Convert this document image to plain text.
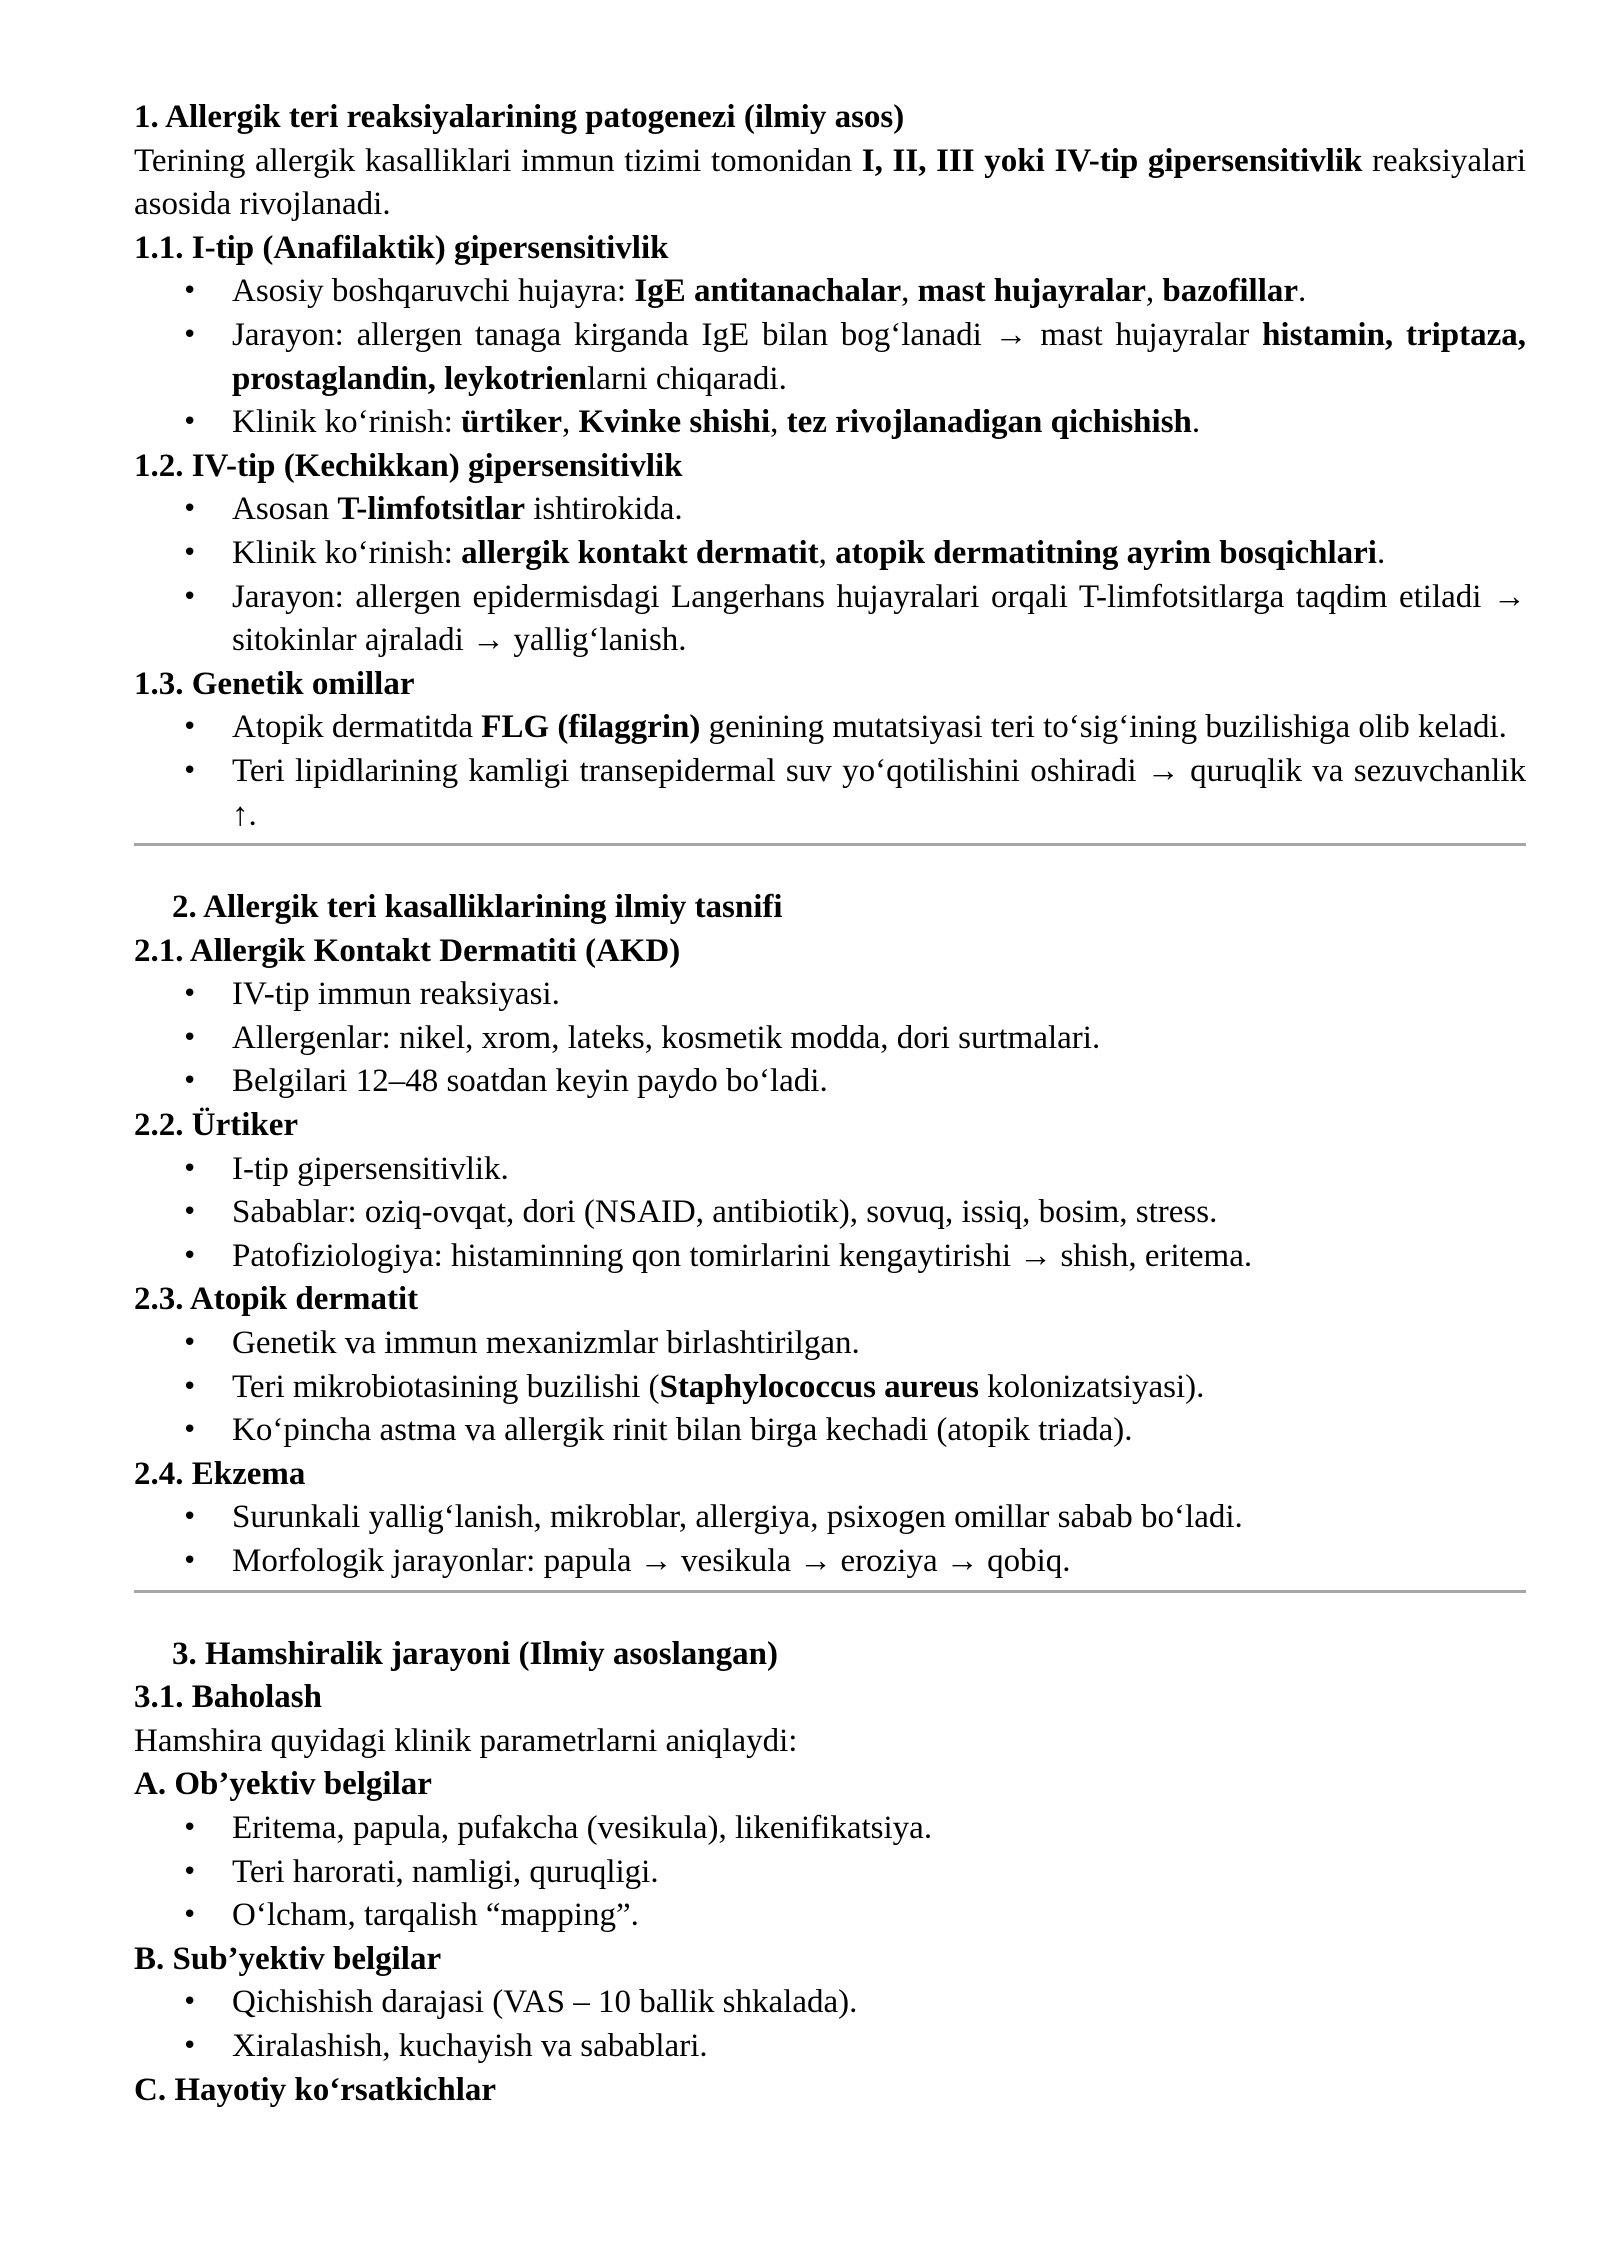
1. Allergik teri reaksiyalarining patogenezi (ilmiy asos)

Terining allergik kasalliklari immun tizimi tomonidan I, II, III yoki IV-tip gipersensitivlik reaksiyalari asosida rivojlanadi.

1.1. I-tip (Anafilaktik) gipersensitivlik

• Asosiy boshqaruvchi hujayra: IgE antitanachalar, mast hujayralar, bazofillar.
• Jarayon: allergen tanaga kirganda IgE bilan bog‘lanadi → mast hujayralar histamin, triptaza, prostaglandin, leykotrienlarni chiqaradi.
• Klinik ko‘rinish: ürtiker, Kvinke shishi, tez rivojlanadigan qichishish.

1.2. IV-tip (Kechikkan) gipersensitivlik

• Asosan T-limfotsitlar ishtirokida.
• Klinik ko‘rinish: allergik kontakt dermatit, atopik dermatitning ayrim bosqichlari.
• Jarayon: allergen epidermisdagi Langerhans hujayralari orqali T-limfotsitlarga taqdim etiladi → sitokinlar ajraladi → yallig‘lanish.

1.3. Genetik omillar

• Atopik dermatitda FLG (filaggrin) genining mutatsiyasi teri to‘sig‘ining buzilishiga olib keladi.
• Teri lipidlarining kamligi transepidermal suv yo‘qotilishini oshiradi → quruqlik va sezuvchanlik ↑.

2. Allergik teri kasalliklarining ilmiy tasnifi

2.1. Allergik Kontakt Dermatiti (AKD)

• IV-tip immun reaksiyasi.
• Allergenlar: nikel, xrom, lateks, kosmetik modda, dori surtmalari.
• Belgilari 12–48 soatdan keyin paydo bo‘ladi.

2.2. Ürtiker

• I-tip gipersensitivlik.
• Sabablar: oziq-ovqat, dori (NSAID, antibiotik), sovuq, issiq, bosim, stress.
• Patofiziologiya: histaminning qon tomirlarini kengaytirishi → shish, eritema.

2.3. Atopik dermatit

• Genetik va immun mexanizmlar birlashtirilgan.
• Teri mikrobiotasining buzilishi (Staphylococcus aureus kolonizatsiyasi).
• Ko‘pincha astma va allergik rinit bilan birga kechadi (atopik triada).

2.4. Ekzema

• Surunkali yallig‘lanish, mikroblar, allergiya, psixogen omillar sabab bo‘ladi.
• Morfologik jarayonlar: papula → vesikula → eroziya → qobiq.

3. Hamshiralik jarayoni (Ilmiy asoslangan)

3.1. Baholash

Hamshira quyidagi klinik parametrlarni aniqlaydi:

A. Ob’yektiv belgilar

• Eritema, papula, pufakcha (vesikula), likenifikatsiya.
• Teri harorati, namligi, quruqligi.
• O‘lcham, tarqalish “mapping”.

B. Sub’yektiv belgilar

• Qichishish darajasi (VAS – 10 ballik shkalada).
• Xiralashish, kuchayish va sabablari.

C. Hayotiy ko‘rsatkichlar
